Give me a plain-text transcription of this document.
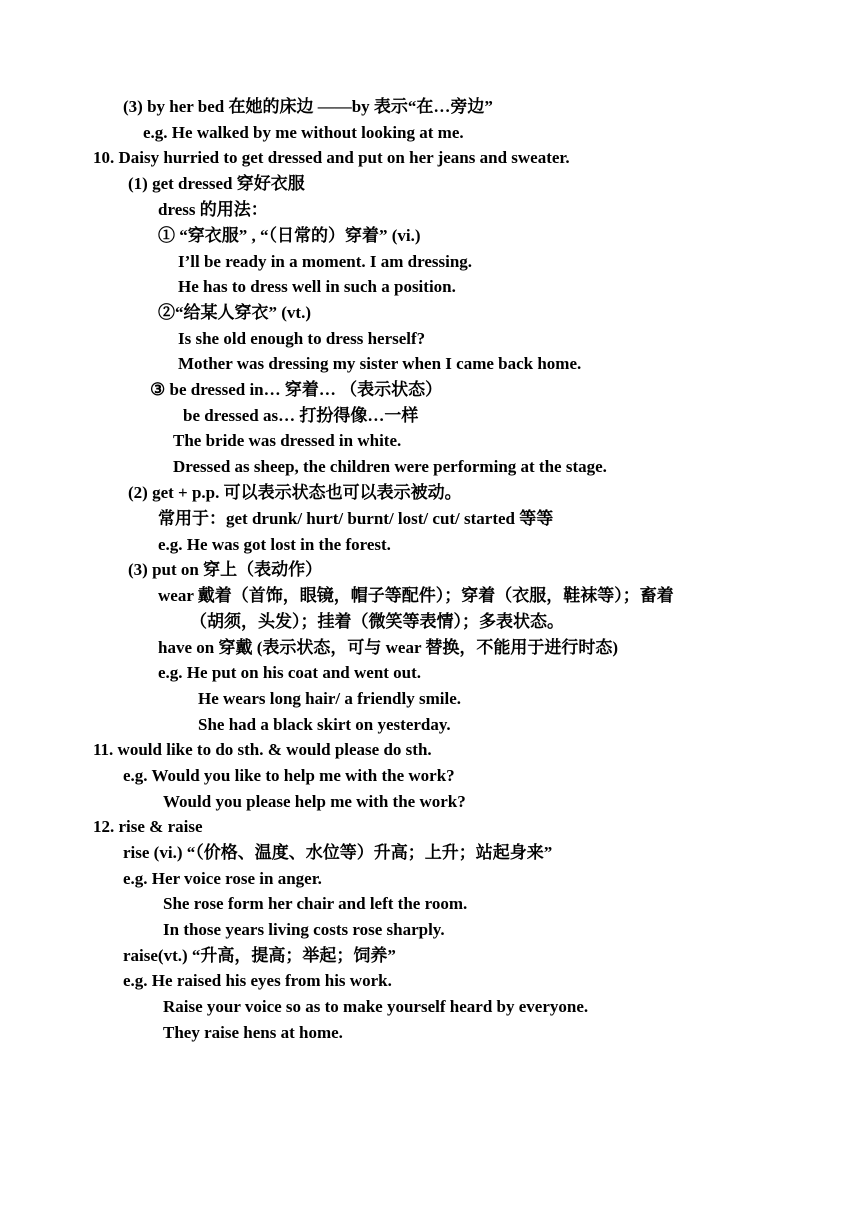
(3) by her bed 在她的床边 ——by 表示“在…旁边”
e.g. He walked by me without looking at me.
10. Daisy hurried to get dressed and put on her jeans and sweater.
(1) get dressed 穿好衣服
dress 的用法：
① “穿衣服” , “（日常的）穿着” (vi.)
I’ll be ready in a moment. I am dressing.
He has to dress well in such a position.
②“给某人穿衣” (vt.)
Is she old enough to dress herself?
Mother was dressing my sister when I came back home.
③ be dressed in… 穿着… （表示状态）
be dressed as… 打扮得像…一样
The bride was dressed in white.
Dressed as sheep, the children were performing at the stage.
(2) get + p.p. 可以表示状态也可以表示被动。
常用于：get drunk/ hurt/ burnt/ lost/ cut/ started 等等
e.g. He was got lost in the forest.
(3) put on 穿上（表动作）
wear 戴着（首饰，眼镜，帽子等配件）；穿着（衣服，鞋袜等）；畜着
（胡须，头发）；挂着（微笑等表情）；多表状态。
have on 穿戴 (表示状态，可与 wear 替换，不能用于进行时态)
e.g. He put on his coat and went out.
He wears long hair/ a friendly smile.
She had a black skirt on yesterday.
11. would like to do sth. & would please do sth.
e.g. Would you like to help me with the work?
Would you please help me with the work?
12. rise & raise
rise (vi.) “（价格、温度、水位等）升高；上升；站起身来”
e.g. Her voice rose in anger.
She rose form her chair and left the room.
In those years living costs rose sharply.
raise(vt.) “升高，提高；举起；饲养”
e.g. He raised his eyes from his work.
Raise your voice so as to make yourself heard by everyone.
They raise hens at home.
